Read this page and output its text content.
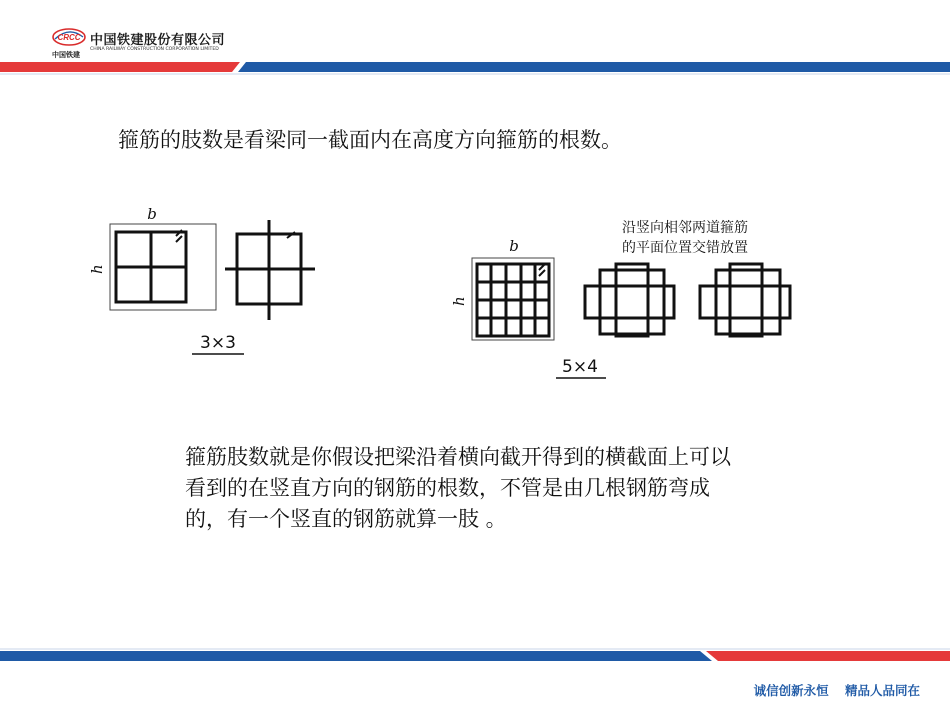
CRCC
中国铁建
中国铁建股份有限公司
CHINA RAILWAY CONSTRUCTION CORPORATION LIMITED
箍筋的肢数是看梁同一截面内在高度方向箍筋的根数。
b
h
3×3
b
h
5×4
沿竖向相邻两道箍筋
的平面位置交错放置
箍筋肢数就是你假设把梁沿着横向截开得到的横截面上可以看到的在竖直方向的钢筋的根数，不管是由几根钢筋弯成的，有一个竖直的钢筋就算一肢 。
诚信创新永恒 精品人品同在
